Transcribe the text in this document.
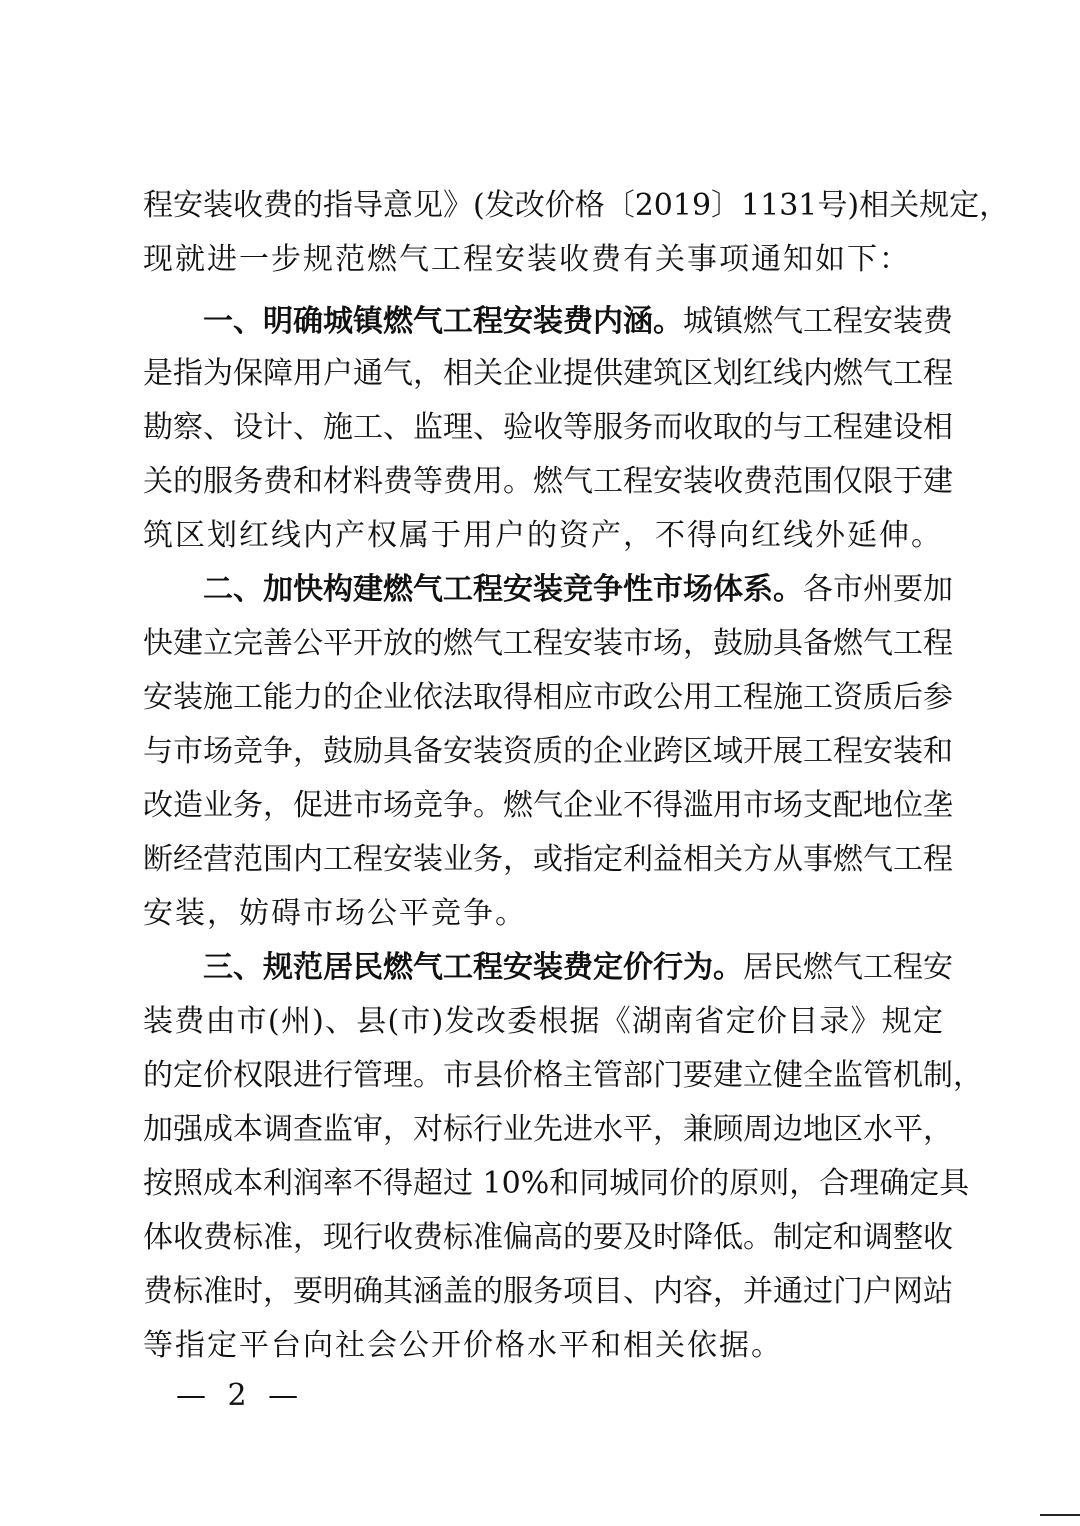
程安装收费的指导意见》(发改价格〔2019〕1131号)相关规定，
现就进一步规范燃气工程安装收费有关事项通知如下：
一、明确城镇燃气工程安装费内涵。城镇燃气工程安装费
是指为保障用户通气，相关企业提供建筑区划红线内燃气工程
勘察、设计、施工、监理、验收等服务而收取的与工程建设相
关的服务费和材料费等费用。燃气工程安装收费范围仅限于建
筑区划红线内产权属于用户的资产，不得向红线外延伸。
二、加快构建燃气工程安装竞争性市场体系。各市州要加
快建立完善公平开放的燃气工程安装市场，鼓励具备燃气工程
安装施工能力的企业依法取得相应市政公用工程施工资质后参
与市场竞争，鼓励具备安装资质的企业跨区域开展工程安装和
改造业务，促进市场竞争。燃气企业不得滥用市场支配地位垄
断经营范围内工程安装业务，或指定利益相关方从事燃气工程
安装，妨碍市场公平竞争。
三、规范居民燃气工程安装费定价行为。居民燃气工程安
装费由市(州)、县(市)发改委根据《湖南省定价目录》规定
的定价权限进行管理。市县价格主管部门要建立健全监管机制，
加强成本调查监审，对标行业先进水平，兼顾周边地区水平，
按照成本利润率不得超过 10%和同城同价的原则，合理确定具
体收费标准，现行收费标准偏高的要及时降低。制定和调整收
费标准时，要明确其涵盖的服务项目、内容，并通过门户网站
等指定平台向社会公开价格水平和相关依据。
— 2 —
